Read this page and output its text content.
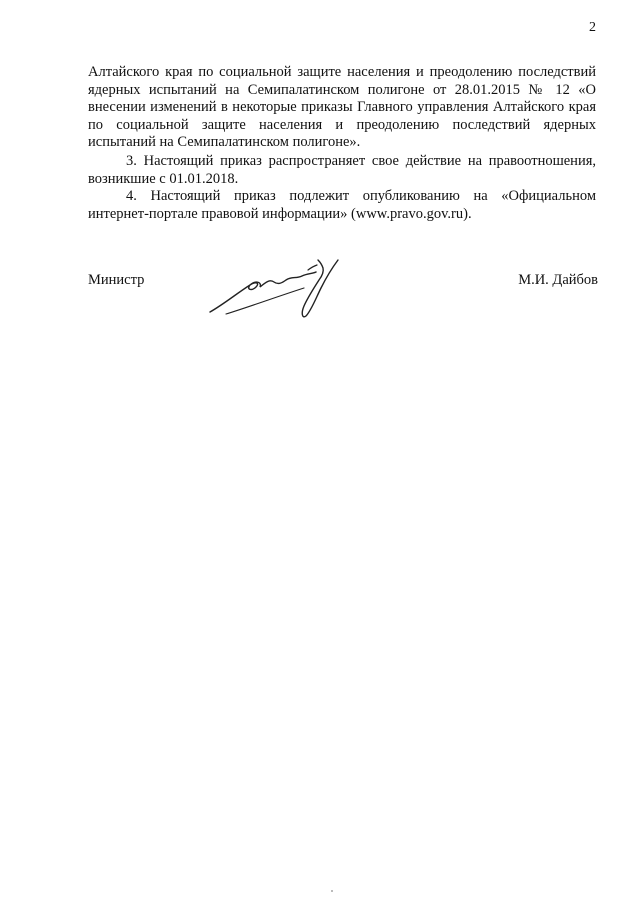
2
Алтайского края по социальной защите населения и преодолению последствий ядерных испытаний на Семипалатинском полигоне от 28.01.2015 № 12 «О внесении изменений в некоторые приказы Главного управления Алтайского края по социальной защите населения и преодолению последствий ядерных испытаний на Семипалатинском полигоне».
3. Настоящий приказ распространяет свое действие на правоотношения, возникшие с 01.01.2018.
4. Настоящий приказ подлежит опубликованию на «Официальном интернет-портале правовой информации» (www.pravo.gov.ru).
Министр	М.И. Дайбов
